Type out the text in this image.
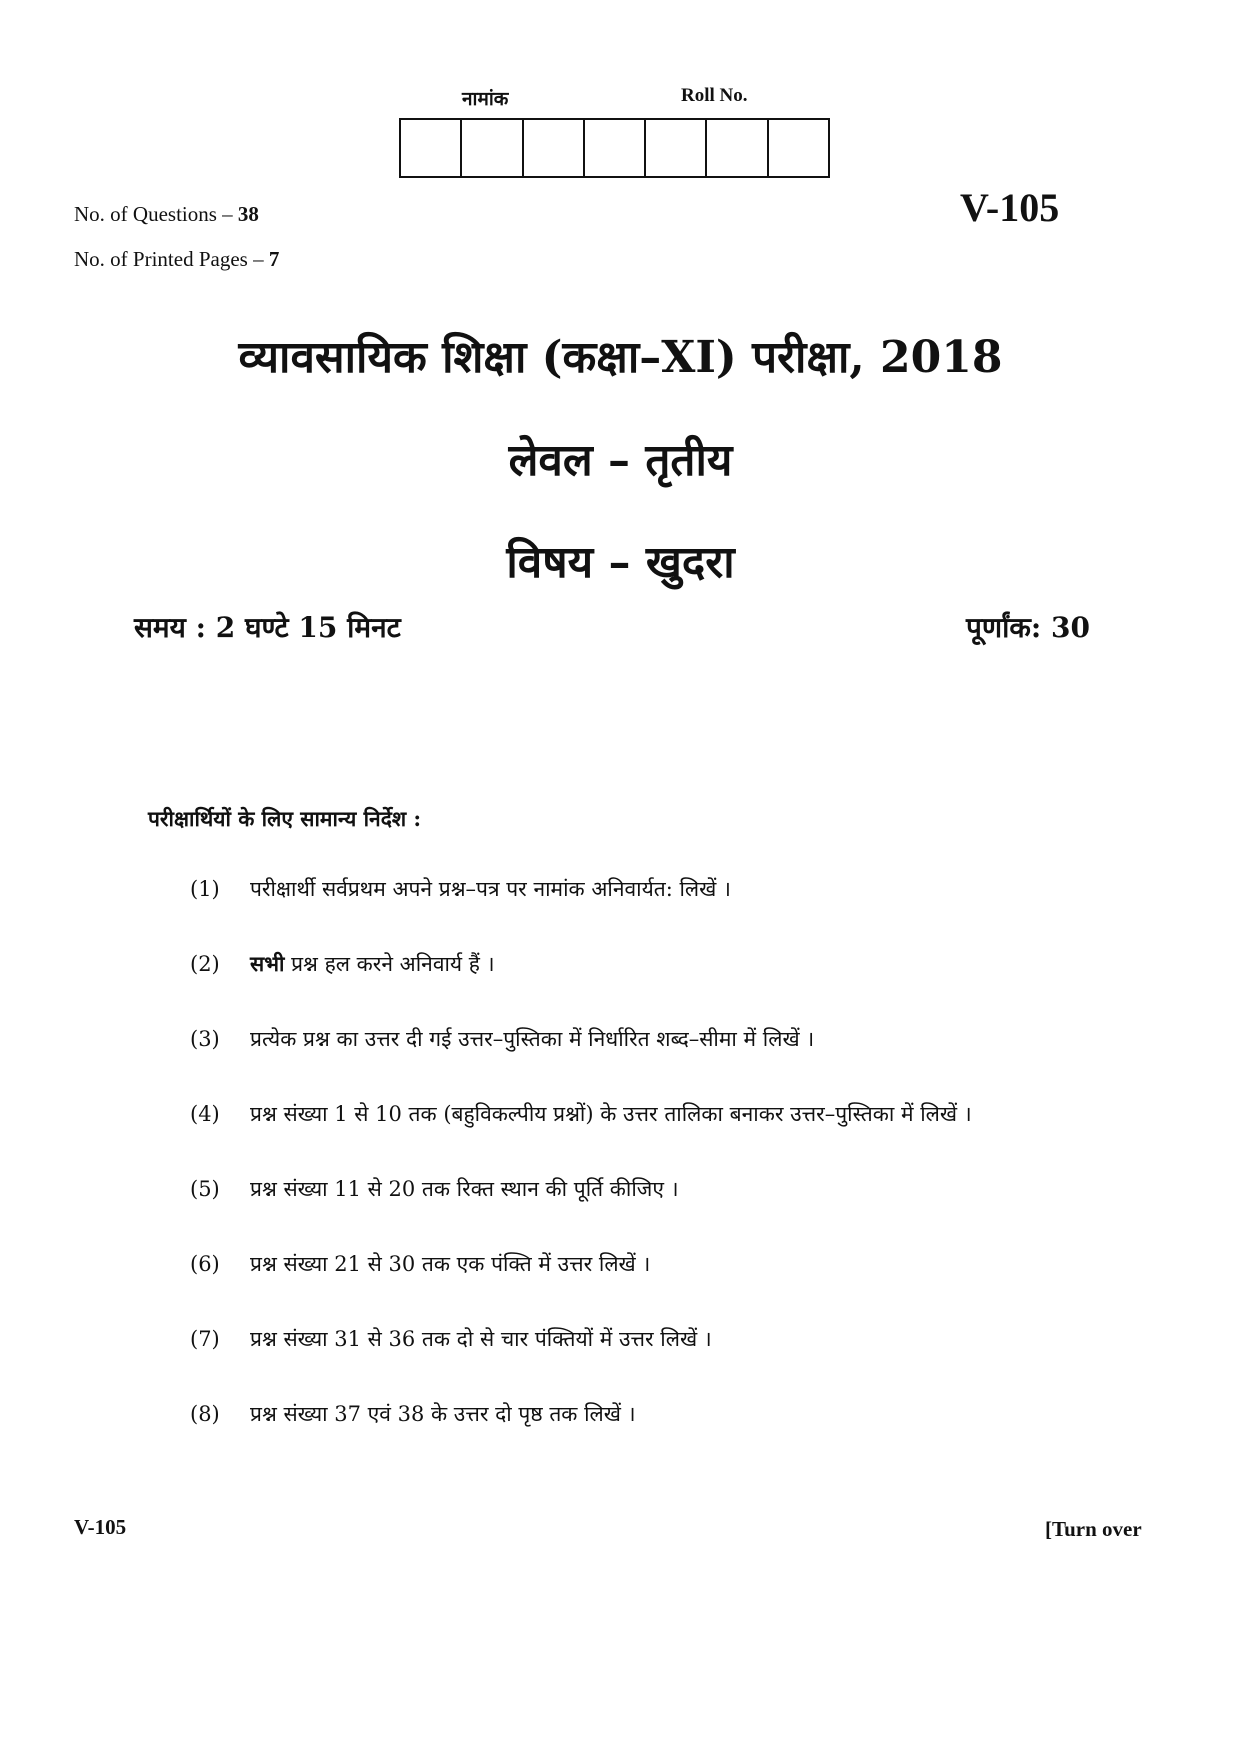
नामांक	Roll No.
No. of Questions – 38
No. of Printed Pages – 7
V-105
व्यावसायिक शिक्षा (कक्षा–XI) परीक्षा, 2018
लेवल – तृतीय
विषय – खुदरा
समय : 2 घण्टे 15 मिनट	पूर्णांक: 30
परीक्षार्थियों के लिए सामान्य निर्देश :
(1) परीक्षार्थी सर्वप्रथम अपने प्रश्न–पत्र पर नामांक अनिवार्यत: लिखें ।
(2) सभी प्रश्न हल करने अनिवार्य हैं ।
(3) प्रत्येक प्रश्न का उत्तर दी गई उत्तर–पुस्तिका में निर्धारित शब्द–सीमा में लिखें ।
(4) प्रश्न संख्या 1 से 10 तक (बहुविकल्पीय प्रश्नों) के उत्तर तालिका बनाकर उत्तर–पुस्तिका में लिखें ।
(5) प्रश्न संख्या 11 से 20 तक रिक्त स्थान की पूर्ति कीजिए ।
(6) प्रश्न संख्या 21 से 30 तक एक पंक्ति में उत्तर लिखें ।
(7) प्रश्न संख्या 31 से 36 तक दो से चार पंक्तियों में उत्तर लिखें ।
(8) प्रश्न संख्या 37 एवं 38 के उत्तर दो पृष्ठ तक लिखें ।
V-105	[Turn over
